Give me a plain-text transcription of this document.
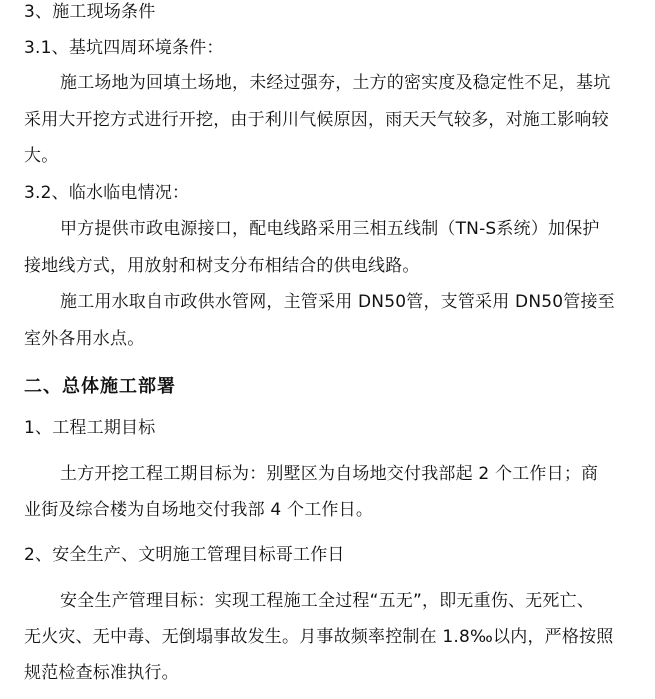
3、施工现场条件
3.1、基坑四周环境条件：
施工场地为回填土场地，未经过强夯，土方的密实度及稳定性不足，基坑
采用大开挖方式进行开挖，由于利川气候原因，雨天天气较多，对施工影响较
大。
3.2、临水临电情况：
甲方提供市政电源接口，配电线路采用三相五线制（TN-S系统）加保护
接地线方式，用放射和树支分布相结合的供电线路。
施工用水取自市政供水管网，主管采用 DN50管，支管采用 DN50管接至
室外各用水点。
二、总体施工部署
1、工程工期目标
土方开挖工程工期目标为：别墅区为自场地交付我部起 2 个工作日；商
业街及综合楼为自场地交付我部 4 个工作日。
2、安全生产、文明施工管理目标哥工作日
安全生产管理目标：实现工程施工全过程“五无”，即无重伤、无死亡、
无火灾、无中毒、无倒塌事故发生。月事故频率控制在 1.8‰以内，严格按照
规范检查标准执行。
